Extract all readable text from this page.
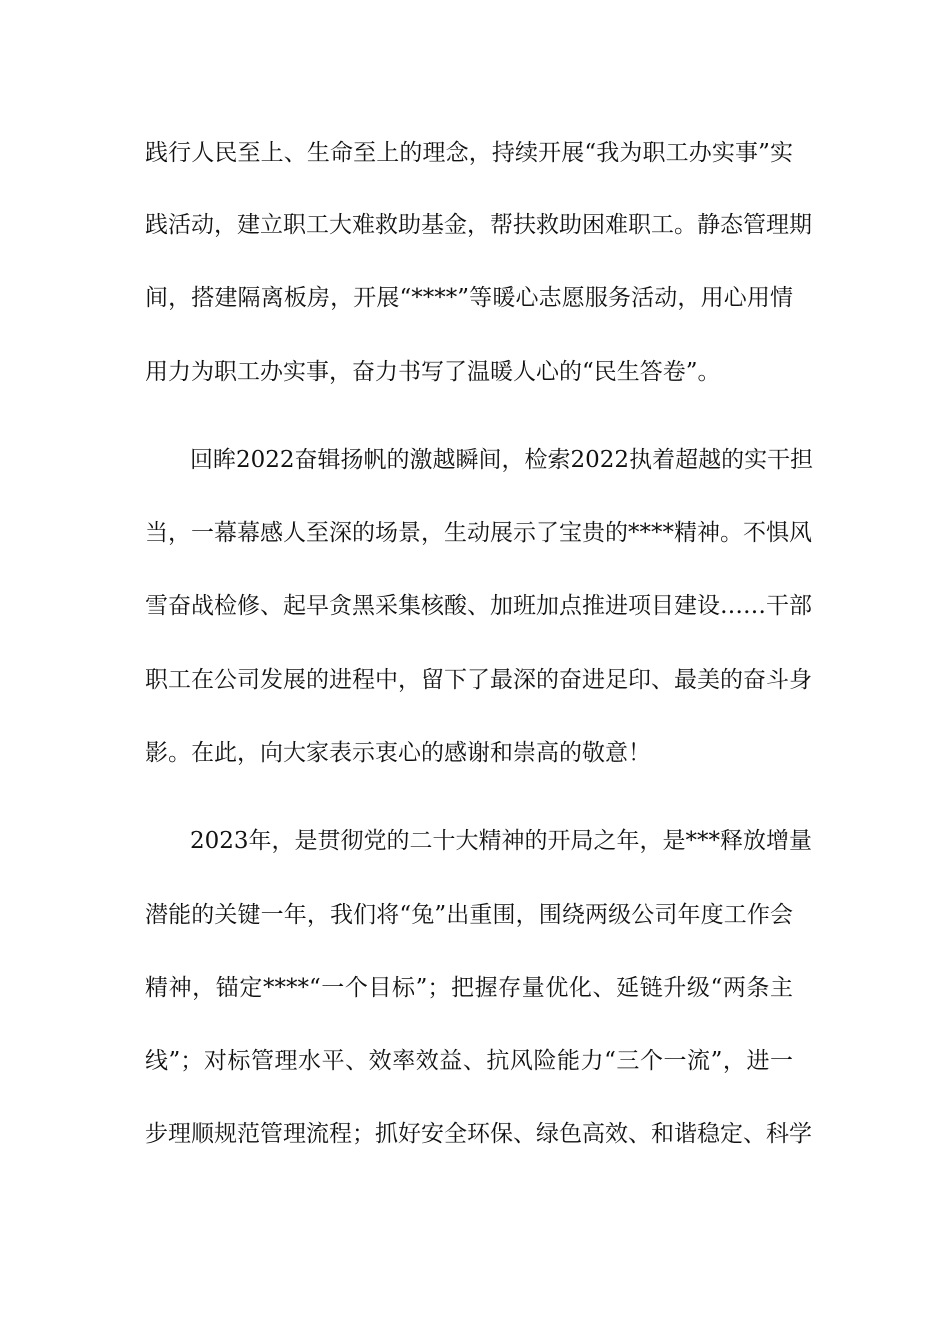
践行人民至上、生命至上的理念，持续开展“我为职工办实事”实
践活动，建立职工大难救助基金，帮扶救助困难职工。静态管理期
间，搭建隔离板房，开展“****”等暖心志愿服务活动，用心用情
用力为职工办实事，奋力书写了温暖人心的“民生答卷”。
回眸2022奋辑扬帆的激越瞬间，检索2022执着超越的实干担
当，一幕幕感人至深的场景，生动展示了宝贵的****精神。不惧风
雪奋战检修、起早贪黑采集核酸、加班加点推进项目建设……干部
职工在公司发展的进程中，留下了最深的奋进足印、最美的奋斗身
影。在此，向大家表示衷心的感谢和崇高的敬意！
2023年，是贯彻党的二十大精神的开局之年，是***释放增量
潜能的关键一年，我们将“兔”出重围，围绕两级公司年度工作会
精神，锚定****“一个目标”；把握存量优化、延链升级“两条主
线”；对标管理水平、效率效益、抗风险能力“三个一流”，进一
步理顺规范管理流程；抓好安全环保、绿色高效、和谐稳定、科学
